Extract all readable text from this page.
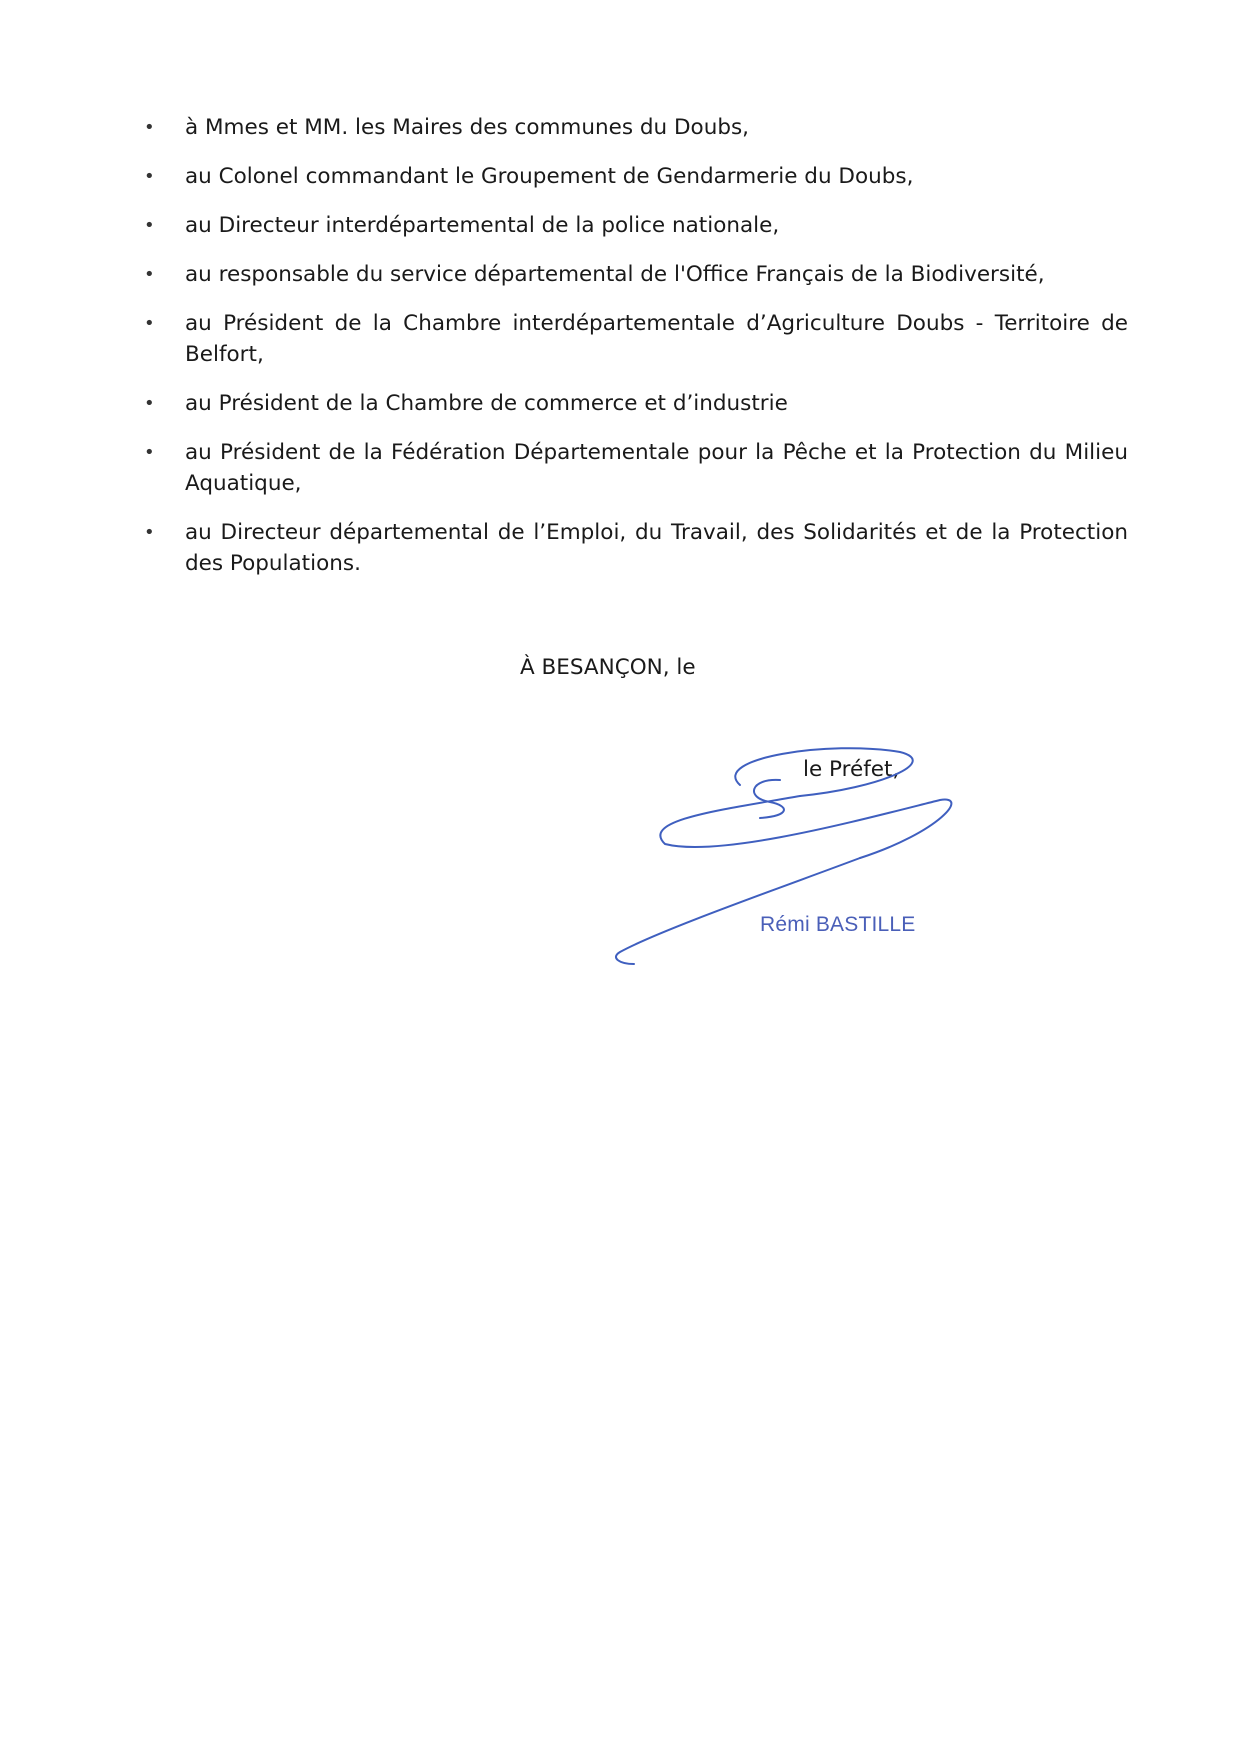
•	à Mmes et MM. les Maires des communes du Doubs,
•	au Colonel commandant le Groupement de Gendarmerie du Doubs,
•	au Directeur interdépartemental de la police nationale,
•	au responsable du service départemental de l'Office Français de la Biodiversité,
•	au Président de la Chambre interdépartementale d’Agriculture Doubs - Territoire de Belfort,
•	au Président de la Chambre de commerce et d’industrie
•	au Président de la Fédération Départementale pour la Pêche et la Protection du Milieu Aquatique,
•	au Directeur départemental de l’Emploi, du Travail, des Solidarités et de la Protection des Populations.
À BESANÇON, le
le Préfet,
Rémi BASTILLE
